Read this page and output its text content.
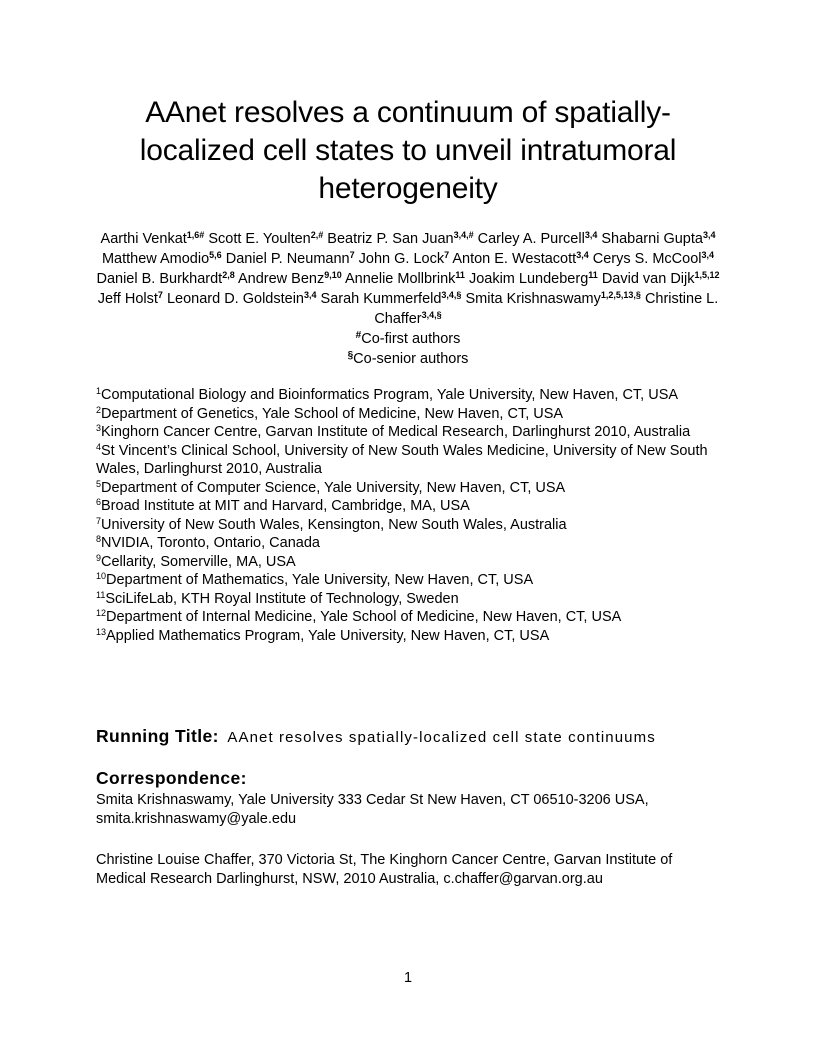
AAnet resolves a continuum of spatially-localized cell states to unveil intratumoral heterogeneity
Aarthi Venkat$^{1,6\#}$ Scott E. Youlten$^{2,\#}$ Beatriz P. San Juan$^{3,4,\#}$ Carley A. Purcell$^{3,4}$ Shabarni Gupta$^{3,4}$ Matthew Amodio$^{5,6}$ Daniel P. Neumann$^7$ John G. Lock$^7$ Anton E. Westacott$^{3,4}$ Cerys S. McCool$^{3,4}$ Daniel B. Burkhardt$^{2,8}$ Andrew Benz$^{9,10}$ Annelie Mollbrink$^{11}$ Joakim Lundeberg$^{11}$ David van Dijk$^{1,5,12}$ Jeff Holst$^7$ Leonard D. Goldstein$^{3,4}$ Sarah Kummerfeld$^{3,4,\S}$ Smita Krishnaswamy$^{1,2,5,13,\S}$ Christine L. Chaffer$^{3,4,\S}$
#Co-first authors
§Co-senior authors
$^1$Computational Biology and Bioinformatics Program, Yale University, New Haven, CT, USA
$^2$Department of Genetics, Yale School of Medicine, New Haven, CT, USA
$^3$Kinghorn Cancer Centre, Garvan Institute of Medical Research, Darlinghurst 2010, Australia
$^4$St Vincent’s Clinical School, University of New South Wales Medicine, University of New South Wales, Darlinghurst 2010, Australia
$^5$Department of Computer Science, Yale University, New Haven, CT, USA
$^6$Broad Institute at MIT and Harvard, Cambridge, MA, USA
$^7$University of New South Wales, Kensington, New South Wales, Australia
$^8$NVIDIA, Toronto, Ontario, Canada
$^9$Cellarity, Somerville, MA, USA
$^{10}$Department of Mathematics, Yale University, New Haven, CT, USA
$^{11}$SciLifeLab, KTH Royal Institute of Technology, Sweden
$^{12}$Department of Internal Medicine, Yale School of Medicine, New Haven, CT, USA
$^{13}$Applied Mathematics Program, Yale University, New Haven, CT, USA
Running Title: AAnet resolves spatially-localized cell state continuums
Correspondence:
Smita Krishnaswamy, Yale University 333 Cedar St New Haven, CT 06510-3206 USA, smita.krishnaswamy@yale.edu
Christine Louise Chaffer, 370 Victoria St, The Kinghorn Cancer Centre, Garvan Institute of Medical Research Darlinghurst, NSW, 2010 Australia, c.chaffer@garvan.org.au
1
